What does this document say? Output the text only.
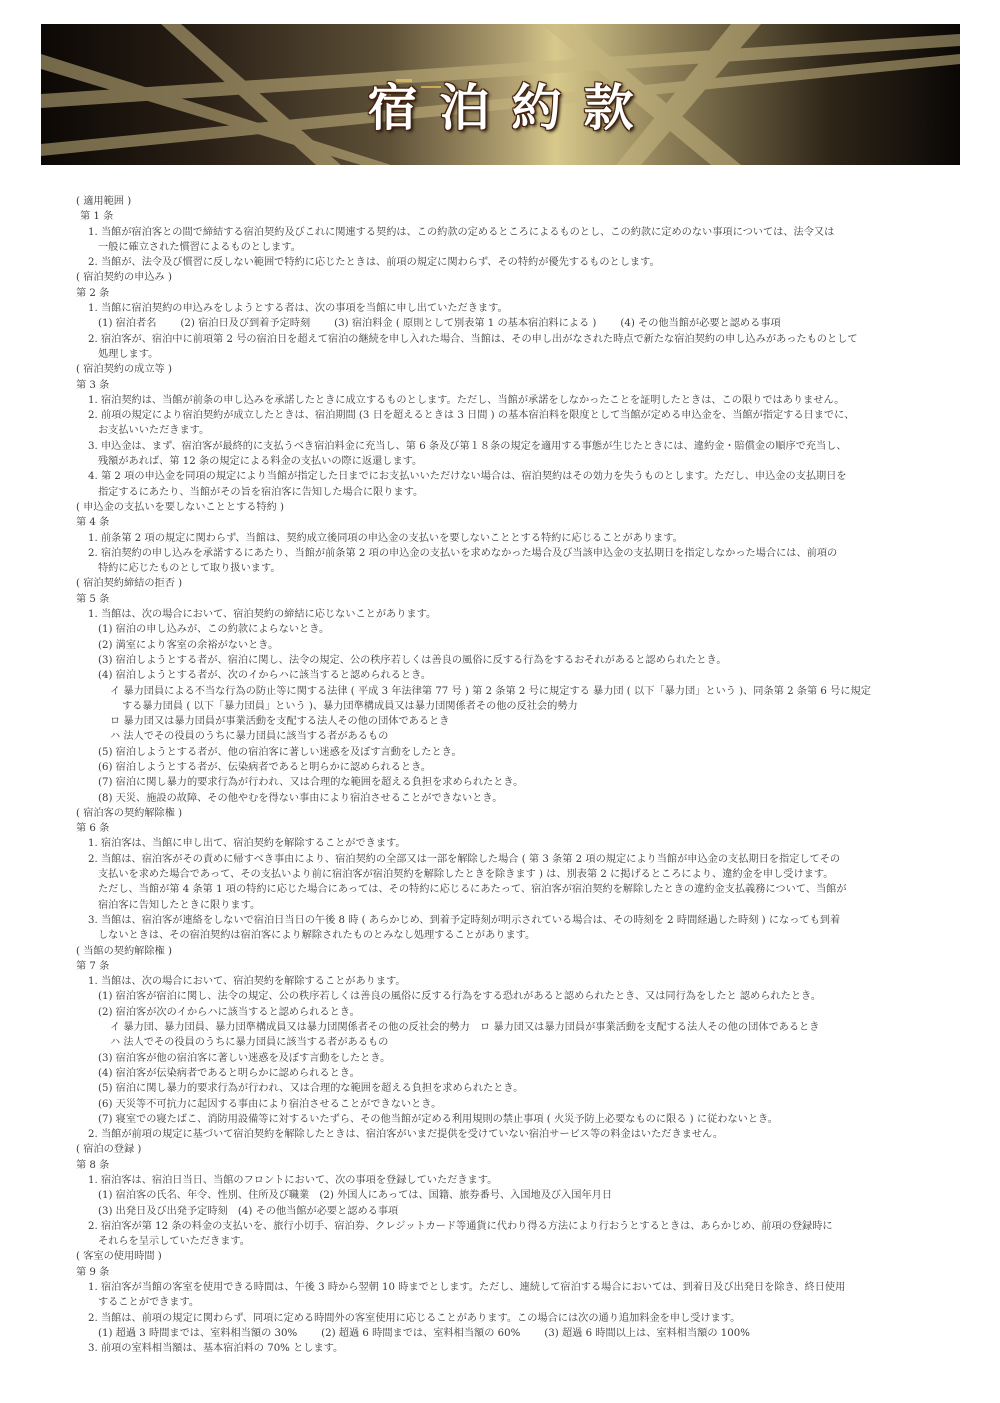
宿泊約款
( 適用範囲 )
第 1 条
1. 当館が宿泊客との間で締結する宿泊契約及びこれに関連する契約は、この約款の定めるところによるものとし、この約款に定めのない事項については、法令又は
一般に確立された慣習によるものとします。
2. 当館が、法令及び慣習に反しない範囲で特約に応じたときは、前項の規定に関わらず、その特約が優先するものとします。
( 宿泊契約の申込み )
第 2 条
1. 当館に宿泊契約の申込みをしようとする者は、次の事項を当館に申し出ていただきます。
(1) 宿泊者名 (2) 宿泊日及び到着予定時刻 (3) 宿泊料金 ( 原則として別表第 1 の基本宿泊料による ) (4) その他当館が必要と認める事項
2. 宿泊客が、宿泊中に前項第 2 号の宿泊日を超えて宿泊の継続を申し入れた場合、当館は、その申し出がなされた時点で新たな宿泊契約の申し込みがあったものとして
処理します。
( 宿泊契約の成立等 )
第 3 条
1. 宿泊契約は、当館が前条の申し込みを承諾したときに成立するものとします。ただし、当館が承諾をしなかったことを証明したときは、この限りではありません。
2. 前項の規定により宿泊契約が成立したときは、宿泊期間 (3 日を超えるときは 3 日間 ) の基本宿泊料を限度として当館が定める申込金を、当館が指定する日までに、
お支払いいただきます。
3. 申込金は、まず、宿泊客が最終的に支払うべき宿泊料金に充当し、第 6 条及び第１８条の規定を適用する事態が生じたときには、違約金・賠償金の順序で充当し、
残額があれば、第 12 条の規定による料金の支払いの際に返還します。
4. 第 2 項の申込金を同項の規定により当館が指定した日までにお支払いいただけない場合は、宿泊契約はその効力を失うものとします。ただし、申込金の支払期日を
指定するにあたり、当館がその旨を宿泊客に告知した場合に限ります。
( 申込金の支払いを要しないこととする特約 )
第 4 条
1. 前条第 2 項の規定に関わらず、当館は、契約成立後同項の申込金の支払いを要しないこととする特約に応じることがあります。
2. 宿泊契約の申し込みを承諾するにあたり、当館が前条第 2 項の申込金の支払いを求めなかった場合及び当該申込金の支払期日を指定しなかった場合には、前項の
特約に応じたものとして取り扱います。
( 宿泊契約締結の拒否 )
第 5 条
1. 当館は、次の場合において、宿泊契約の締結に応じないことがあります。
(1) 宿泊の申し込みが、この約款によらないとき。
(2) 満室により客室の余裕がないとき。
(3) 宿泊しようとする者が、宿泊に関し、法令の規定、公の秩序若しくは善良の風俗に反する行為をするおそれがあると認められたとき。
(4) 宿泊しようとする者が、次のイからハに該当すると認められるとき。
イ 暴力団員による不当な行為の防止等に関する法律 ( 平成 3 年法律第 77 号 ) 第 2 条第 2 号に規定する 暴力団 ( 以下「暴力団」という )、同条第 2 条第 6 号に規定
する暴力団員 ( 以下「暴力団員」という )、暴力団準構成員又は暴力団関係者その他の反社会的勢力
ロ 暴力団又は暴力団員が事業活動を支配する法人その他の団体であるとき
ハ 法人でその役員のうちに暴力団員に該当する者があるもの
(5) 宿泊しようとする者が、他の宿泊客に著しい迷惑を及ぼす言動をしたとき。
(6) 宿泊しようとする者が、伝染病者であると明らかに認められるとき。
(7) 宿泊に関し暴力的要求行為が行われ、又は合理的な範囲を超える負担を求められたとき。
(8) 天災、施設の故障、その他やむを得ない事由により宿泊させることができないとき。
( 宿泊客の契約解除権 )
第 6 条
1. 宿泊客は、当館に申し出て、宿泊契約を解除することができます。
2. 当館は、宿泊客がその責めに帰すべき事由により、宿泊契約の全部又は一部を解除した場合 ( 第 3 条第 2 項の規定により当館が申込金の支払期日を指定してその
支払いを求めた場合であって、その支払いより前に宿泊客が宿泊契約を解除したときを除きます ) は、別表第 2 に掲げるところにより、違約金を申し受けます。
ただし、当館が第 4 条第 1 項の特約に応じた場合にあっては、その特約に応じるにあたって、宿泊客が宿泊契約を解除したときの違約金支払義務について、当館が
宿泊客に告知したときに限ります。
3. 当館は、宿泊客が連絡をしないで宿泊日当日の午後 8 時 ( あらかじめ、到着予定時刻が明示されている場合は、その時刻を 2 時間経過した時刻 ) になっても到着
しないときは、その宿泊契約は宿泊客により解除されたものとみなし処理することがあります。
( 当館の契約解除権 )
第 7 条
1. 当館は、次の場合において、宿泊契約を解除することがあります。
(1) 宿泊客が宿泊に関し、法令の規定、公の秩序若しくは善良の風俗に反する行為をする恐れがあると認められたとき、又は同行為をしたと 認められたとき。
(2) 宿泊客が次のイからハに該当すると認められるとき。
イ 暴力団、暴力団員、暴力団準構成員又は暴力団関係者その他の反社会的勢力　ロ 暴力団又は暴力団員が事業活動を支配する法人その他の団体であるとき
ハ 法人でその役員のうちに暴力団員に該当する者があるもの
(3) 宿泊客が他の宿泊客に著しい迷惑を及ぼす言動をしたとき。
(4) 宿泊客が伝染病者であると明らかに認められるとき。
(5) 宿泊に関し暴力的要求行為が行われ、又は合理的な範囲を超える負担を求められたとき。
(6) 天災等不可抗力に起因する事由により宿泊させることができないとき。
(7) 寝室での寝たばこ、消防用設備等に対するいたずら、その他当館が定める利用規則の禁止事項 ( 火災予防上必要なものに限る ) に従わないとき。
2. 当館が前項の規定に基づいて宿泊契約を解除したときは、宿泊客がいまだ提供を受けていない宿泊サービス等の料金はいただきません。
( 宿泊の登録 )
第 8 条
1. 宿泊客は、宿泊日当日、当館のフロントにおいて、次の事項を登録していただきます。
(1) 宿泊客の氏名、年令、性別、住所及び職業　(2) 外国人にあっては、国籍、旅券番号、入国地及び入国年月日
(3) 出発日及び出発予定時刻　(4) その他当館が必要と認める事項
2. 宿泊客が第 12 条の料金の支払いを、旅行小切手、宿泊券、クレジットカード等通貨に代わり得る方法により行おうとするときは、あらかじめ、前項の登録時に
それらを呈示していただきます。
( 客室の使用時間 )
第 9 条
1. 宿泊客が当館の客室を使用できる時間は、午後 3 時から翌朝 10 時までとします。ただし、連続して宿泊する場合においては、到着日及び出発日を除き、終日使用
することができます。
2. 当館は、前項の規定に関わらず、同項に定める時間外の客室使用に応じることがあります。この場合には次の通り追加料金を申し受けます。
(1) 超過 3 時間までは、室料相当額の 30% (2) 超過 6 時間までは、室料相当額の 60% (3) 超過 6 時間以上は、室料相当額の 100%
3. 前項の室料相当額は、基本宿泊料の 70% とします。
